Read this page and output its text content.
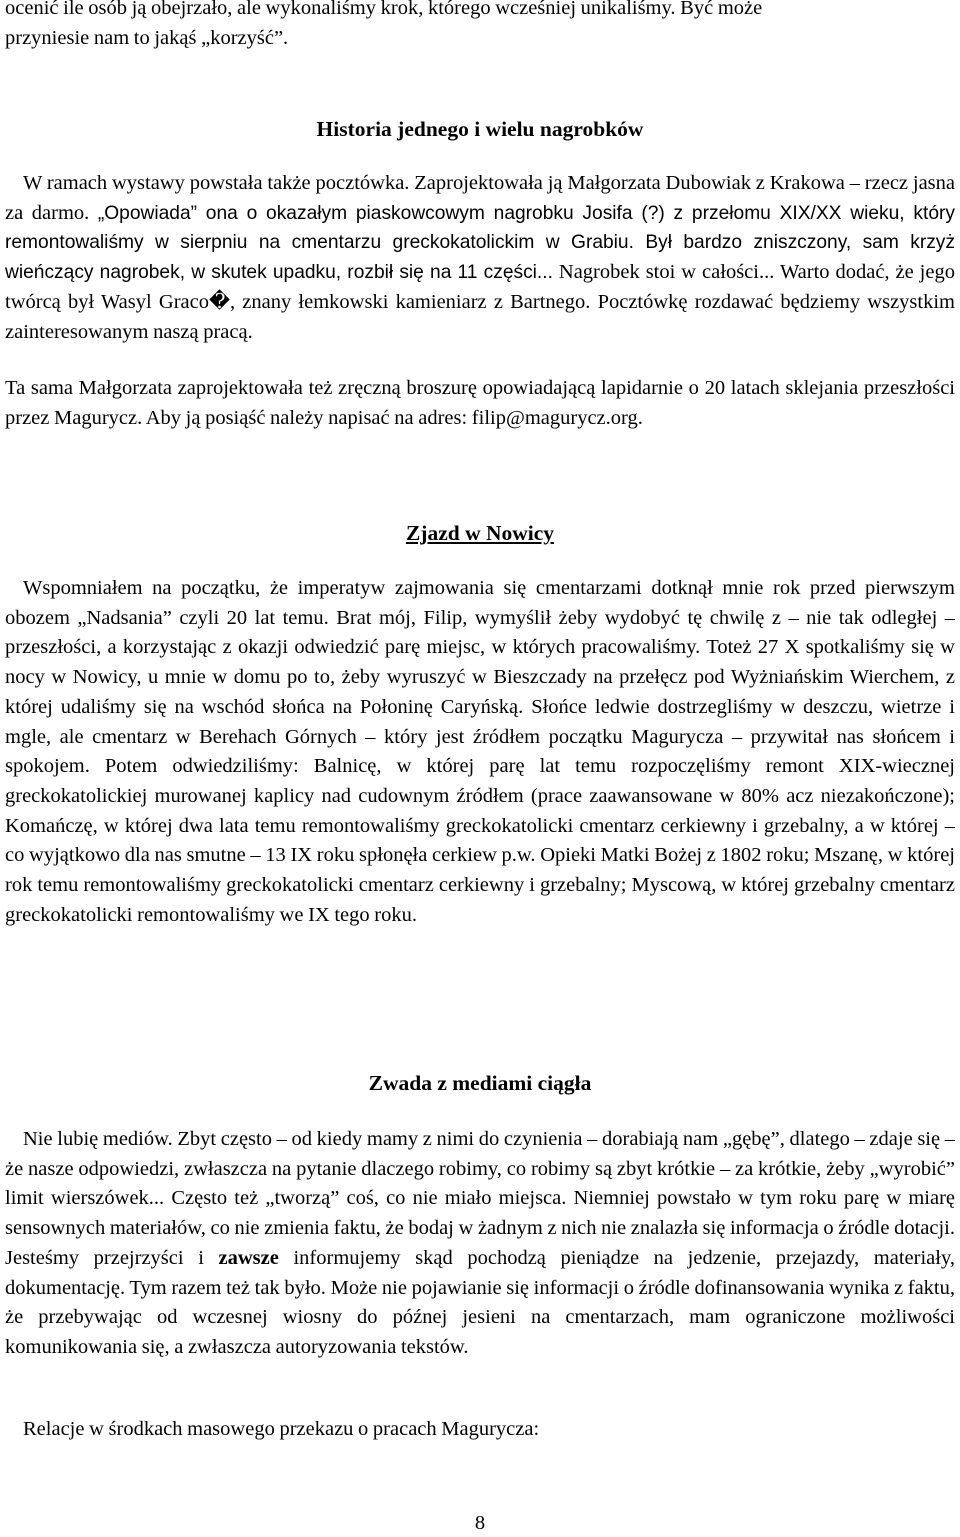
ocenić ile osób ją obejrzało, ale wykonaliśmy krok, którego wcześniej unikaliśmy. Być może
przyniesie nam to jakąś „korzyść”.

Historia jednego i wielu nagrobków

W ramach wystawy powstała także pocztówka. Zaprojektowała ją Małgorzata Dubowiak z Krakowa – rzecz jasna za darmo. „Opowiada” ona o okazałym piaskowcowym nagrobku Josifa (?) z przełomu XIX/XX wieku, który remontowaliśmy w sierpniu na cmentarzu greckokatolickim w Grabiu. Był bardzo zniszczony, sam krzyż wieńczący nagrobek, w skutek upadku, rozbił się na 11 części... Nagrobek stoi w całości... Warto dodać, że jego twórcą był Wasyl Graco�, znany łemkowski kamieniarz z Bartnego. Pocztówkę rozdawać będziemy wszystkim zainteresowanym naszą pracą.

Ta sama Małgorzata zaprojektowała też zręczną broszurę opowiadającą lapidarnie o 20 latach sklejania przeszłości przez Magurycz. Aby ją posiąść należy napisać na adres: filip@magurycz.org.

Zjazd w Nowicy

Wspomniałem na początku, że imperatyw zajmowania się cmentarzami dotknął mnie rok przed pierwszym obozem „Nadsania” czyli 20 lat temu. Brat mój, Filip, wymyślił żeby wydobyć tę chwilę z – nie tak odległej – przeszłości, a korzystając z okazji odwiedzić parę miejsc, w których pracowaliśmy. Toteż 27 X spotkaliśmy się w nocy w Nowicy, u mnie w domu po to, żeby wyruszyć w Bieszczady na przełęcz pod Wyżniańskim Wierchem, z której udaliśmy się na wschód słońca na Połoninę Caryńską. Słońce ledwie dostrzegliśmy w deszczu, wietrze i mgle, ale cmentarz w Berehach Górnych – który jest źródłem początku Magurycza – przywitał nas słońcem i spokojem. Potem odwiedziliśmy: Balnicę, w której parę lat temu rozpoczęliśmy remont XIX-wiecznej greckokatolickiej murowanej kaplicy nad cudownym źródłem (prace zaawansowane w 80% acz niezakończone); Komańczę, w której dwa lata temu remontowaliśmy greckokatolicki cmentarz cerkiewny i grzebalny, a w której – co wyjątkowo dla nas smutne – 13 IX roku spłonęła cerkiew p.w. Opieki Matki Bożej z 1802 roku; Mszanę, w której rok temu remontowaliśmy greckokatolicki cmentarz cerkiewny i grzebalny; Myscową, w której grzebalny cmentarz greckokatolicki remontowaliśmy we IX tego roku.

Zwada z mediami ciągła

Nie lubię mediów. Zbyt często – od kiedy mamy z nimi do czynienia – dorabiają nam „gębę”, dlatego – zdaje się – że nasze odpowiedzi, zwłaszcza na pytanie dlaczego robimy, co robimy są zbyt krótkie – za krótkie, żeby „wyrobić” limit wierszówek... Często też „tworzą” coś, co nie miało miejsca. Niemniej powstało w tym roku parę w miarę sensownych materiałów, co nie zmienia faktu, że bodaj w żadnym z nich nie znalazła się informacja o źródle dotacji. Jesteśmy przejrzyści i zawsze informujemy skąd pochodzą pieniądze na jedzenie, przejazdy, materiały, dokumentację. Tym razem też tak było. Może nie pojawianie się informacji o źródle dofinansowania wynika z faktu, że przebywając od wczesnej wiosny do późnej jesieni na cmentarzach, mam ograniczone możliwości komunikowania się, a zwłaszcza autoryzowania tekstów.

Relacje w środkach masowego przekazu o pracach Magurycza:

8
